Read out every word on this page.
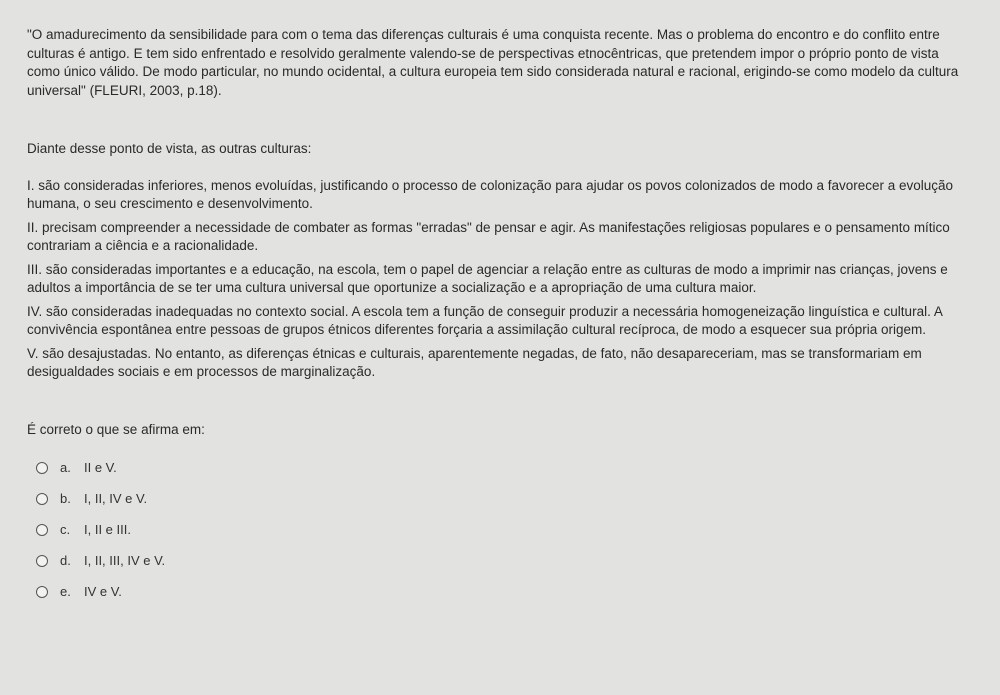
"O amadurecimento da sensibilidade para com o tema das diferenças culturais é uma conquista recente. Mas o problema do encontro e do conflito entre culturas é antigo. E tem sido enfrentado e resolvido geralmente valendo-se de perspectivas etnocêntricas, que pretendem impor o próprio ponto de vista como único válido. De modo particular, no mundo ocidental, a cultura europeia tem sido considerada natural e racional, erigindo-se como modelo da cultura universal" (FLEURI, 2003, p.18).

Diante desse ponto de vista, as outras culturas:

I. são consideradas inferiores, menos evoluídas, justificando o processo de colonização para ajudar os povos colonizados de modo a favorecer a evolução humana, o seu crescimento e desenvolvimento.

II. precisam compreender a necessidade de combater as formas "erradas" de pensar e agir. As manifestações religiosas populares e o pensamento mítico contrariam a ciência e a racionalidade.

III. são consideradas importantes e a educação, na escola, tem o papel de agenciar a relação entre as culturas de modo a imprimir nas crianças, jovens e adultos a importância de se ter uma cultura universal que oportunize a socialização e a apropriação de uma cultura maior.

IV. são consideradas inadequadas no contexto social. A escola tem a função de conseguir produzir a necessária homogeneização linguística e cultural. A convivência espontânea entre pessoas de grupos étnicos diferentes forçaria a assimilação cultural recíproca, de modo a esquecer sua própria origem.

V. são desajustadas. No entanto, as diferenças étnicas e culturais, aparentemente negadas, de fato, não desapareceriam, mas se transformariam em desigualdades sociais e em processos de marginalização.

É correto o que se afirma em:

a.	II e V.
b.	I, II, IV e V.
c.	I, II e III.
d.	I, II, III, IV e V.
e.	IV e V.
